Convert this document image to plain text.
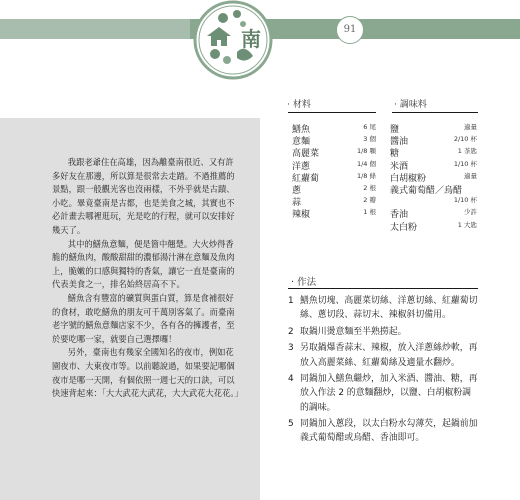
91
南

我跟老爺住在高雄，因為離臺南很近、又有許多好友在那邊，所以算是很常去走踏。不過推薦的景點，跟一般觀光客也沒兩樣，不外乎就是古蹟、小吃。畢竟臺南是古都，也是美食之城，其實也不必計畫去哪裡逛玩，光是吃的行程，就可以安排好幾天了。

其中的鱔魚意麵，便是箇中翹楚。大火炒得香脆的鱔魚肉，酸酸甜甜的濃郁湯汁淋在意麵及魚肉上，脆嫩的口感與獨特的香氣，讓它一直是臺南的代表美食之一，排名始終居高不下。

鱔魚含有豐富的礦質與蛋白質，算是食補很好的食材，敢吃鱔魚的朋友可千萬別客氣了。而臺南老字號的鱔魚意麵店家不少，各有各的擁護者，至於要吃哪一家，就要自己選擇囉！

另外，臺南也有幾家全國知名的夜市，例如花園夜市、大東夜市等。以前聽說過，如果要記哪個夜市是哪一天開，有個依照一週七天的口訣，可以快速背起來：「大大武花大武花，大大武花大花花。」

· 材料
鱔魚	6 尾
意麵	3 個
高麗菜	1/8 顆
洋蔥	1/4 個
紅蘿蔔	1/8 條
蔥	2 根
蒜	2 瓣
辣椒	1 根
· 調味料
鹽	適量
醬油	2/10 杯
糖	1 茶匙
米酒	1/10 杯
白胡椒粉	適量
義式葡萄醋／烏醋
1/10 杯
香油	少許
太白粉	1 大匙
· 作法
1 鱔魚切塊、高麗菜切絲、洋蔥切絲、紅蘿蔔切絲、蔥切段、蒜切末、辣椒斜切備用。
2 取鍋川燙意麵至半熟撈起。
3 另取鍋爆香蒜末、辣椒，放入洋蔥絲炒軟，再放入高麗菜絲、紅蘿蔔絲及適量水翻炒。
4 同鍋加入鱔魚繼炒，加入米酒、醬油、糖，再放入作法 2 的意麵翻炒，以鹽、白胡椒粉調的調味。
5 同鍋加入蔥段，以太白粉水勾薄芡，起鍋前加義式葡萄醋或烏醋、香油即可。
